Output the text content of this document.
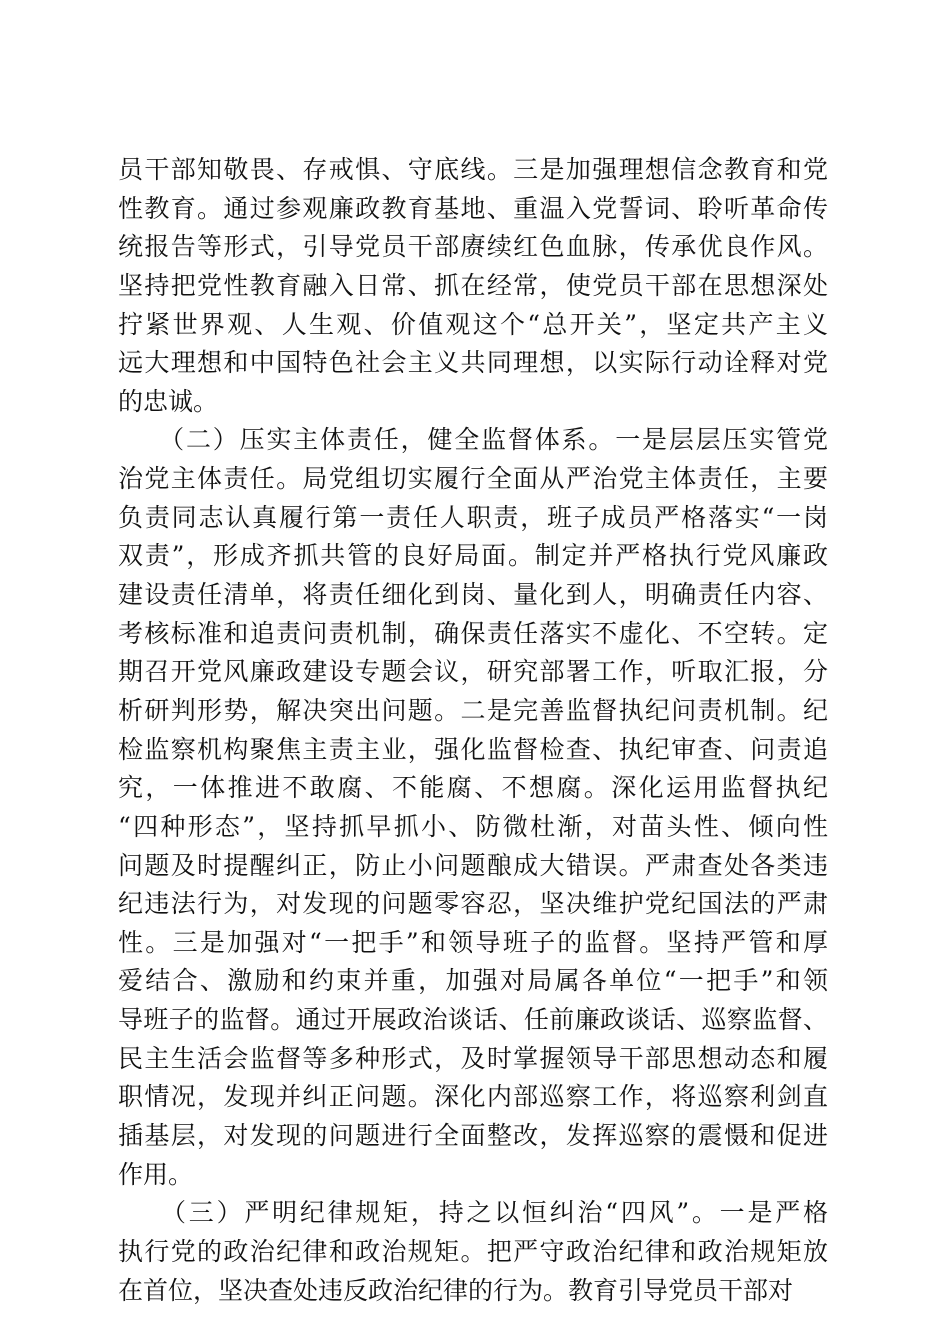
员干部知敬畏、存戒惧、守底线。三是加强理想信念教育和党
性教育。通过参观廉政教育基地、重温入党誓词、聆听革命传
统报告等形式，引导党员干部赓续红色血脉，传承优良作风。
坚持把党性教育融入日常、抓在经常，使党员干部在思想深处
拧紧世界观、人生观、价值观这个“总开关”，坚定共产主义
远大理想和中国特色社会主义共同理想，以实际行动诠释对党
的忠诚。
　　（二）压实主体责任，健全监督体系。一是层层压实管党
治党主体责任。局党组切实履行全面从严治党主体责任，主要
负责同志认真履行第一责任人职责，班子成员严格落实“一岗
双责”，形成齐抓共管的良好局面。制定并严格执行党风廉政
建设责任清单，将责任细化到岗、量化到人，明确责任内容、
考核标准和追责问责机制，确保责任落实不虚化、不空转。定
期召开党风廉政建设专题会议，研究部署工作，听取汇报，分
析研判形势，解决突出问题。二是完善监督执纪问责机制。纪
检监察机构聚焦主责主业，强化监督检查、执纪审查、问责追
究，一体推进不敢腐、不能腐、不想腐。深化运用监督执纪
“四种形态”，坚持抓早抓小、防微杜渐，对苗头性、倾向性
问题及时提醒纠正，防止小问题酿成大错误。严肃查处各类违
纪违法行为，对发现的问题零容忍，坚决维护党纪国法的严肃
性。三是加强对“一把手”和领导班子的监督。坚持严管和厚
爱结合、激励和约束并重，加强对局属各单位“一把手”和领
导班子的监督。通过开展政治谈话、任前廉政谈话、巡察监督、
民主生活会监督等多种形式，及时掌握领导干部思想动态和履
职情况，发现并纠正问题。深化内部巡察工作，将巡察利剑直
插基层，对发现的问题进行全面整改，发挥巡察的震慑和促进
作用。
　　（三）严明纪律规矩，持之以恒纠治“四风”。一是严格
执行党的政治纪律和政治规矩。把严守政治纪律和政治规矩放
在首位，坚决查处违反政治纪律的行为。教育引导党员干部对
